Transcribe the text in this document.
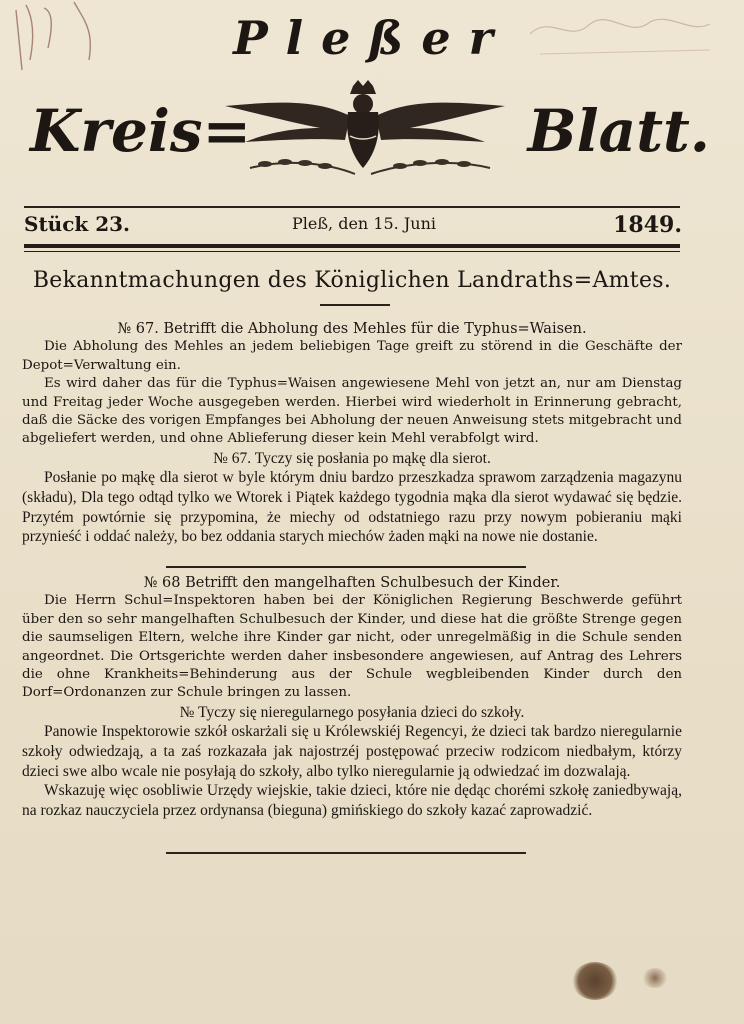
Pleßer
Kreis=	Blatt.
Stück 23.	Pleß, den 15. Juni	1849.
Bekanntmachungen des Königlichen Landraths=Amtes.

№ 67. Betrifft die Abholung des Mehles für die Typhus=Waisen.

Die Abholung des Mehles an jedem beliebigen Tage greift zu störend in die Geschäfte der Depot=Verwaltung ein.

Es wird daher das für die Typhus=Waisen angewiesene Mehl von jetzt an, nur am Dienstag und Freitag jeder Woche ausgegeben werden. Hierbei wird wiederholt in Erinnerung gebracht, daß die Säcke des vorigen Empfanges bei Abholung der neuen Anweisung stets mitgebracht und abgeliefert werden, und ohne Ablieferung dieser kein Mehl verabfolgt wird.

№ 67. Tyczy się posłania po mąkę dla sierot.

Posłanie po mąkę dla sierot w byle którym dniu bardzo przeszkadza sprawom zarządzenia magazynu (składu), Dla tego odtąd tylko we Wtorek i Piątek każdego tygodnia mąka dla sierot wydawać się będzie. Przytém powtórnie się przypomina, że miechy od odstatniego razu przy nowym pobieraniu mąki przynieść i oddać należy, bo bez oddania starych miechów żaden mąki na nowe nie dostanie.

№ 68 Betrifft den mangelhaften Schulbesuch der Kinder.

Die Herrn Schul=Inspektoren haben bei der Königlichen Regierung Beschwerde geführt über den so sehr mangelhaften Schulbesuch der Kinder, und diese hat die größte Strenge gegen die saumseligen Eltern, welche ihre Kinder gar nicht, oder unregelmäßig in die Schule senden angeordnet. Die Ortsgerichte werden daher insbesondere angewiesen, auf Antrag des Lehrers die ohne Krankheits=Behinderung aus der Schule wegbleibenden Kinder durch den Dorf=Ordonanzen zur Schule bringen zu lassen.

№ Tyczy się nieregularnego posyłania dzieci do szkoły.

Panowie Inspektorowie szkół oskarżali się u Królewskiéj Regencyi, że dzieci tak bardzo nieregularnie szkoły odwiedzają, a ta zaś rozkazała jak najostrzéj postępować przeciw rodzicom niedbałym, którzy dzieci swe albo wcale nie posyłają do szkoły, albo tylko nieregularnie ją odwiedzać im dozwalają.

Wskazuję więc osobliwie Urzędy wiejskie, takie dzieci, które nie dędąc chorémi szkołę zaniedbywają, na rozkaz nauczyciela przez ordynansa (bieguna) gmińskiego do szkoły kazać zaprowadzić.
